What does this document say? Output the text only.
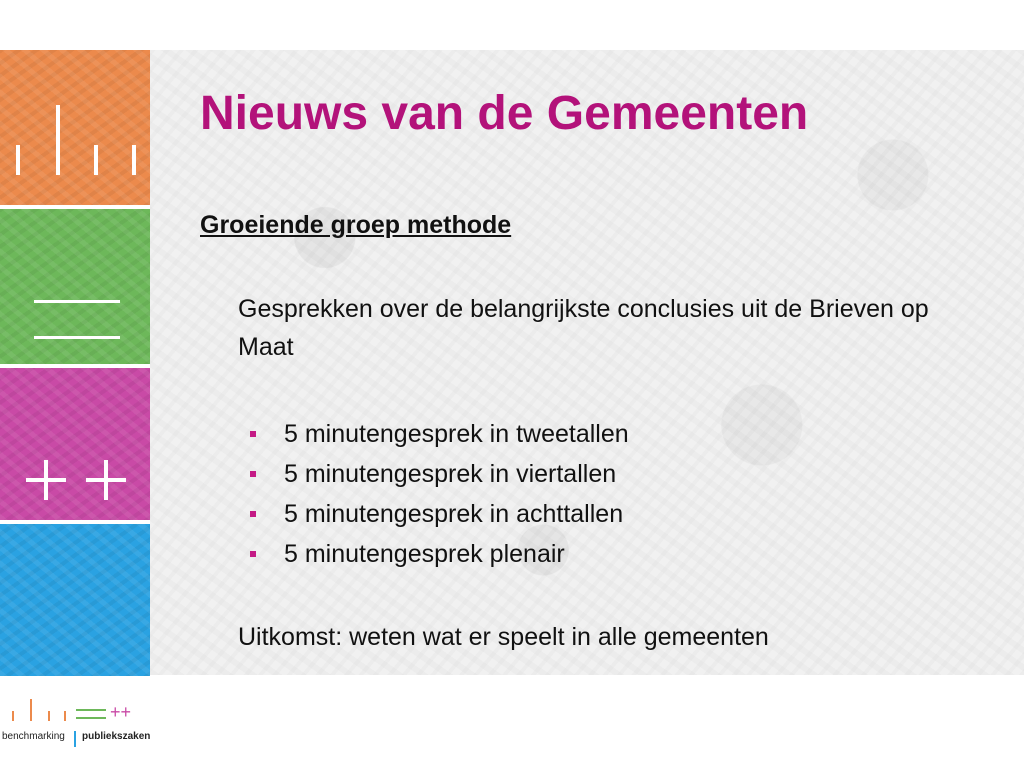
Nieuws van de Gemeenten
Groeiende groep methode

Gesprekken over de belangrijkste conclusies uit de Brieven op Maat

5 minutengesprek in tweetallen
5 minutengesprek in viertallen
5 minutengesprek in achttallen
5 minutengesprek plenair

Uitkomst: weten wat er speelt in alle gemeenten

++
benchmarking publiekszaken
